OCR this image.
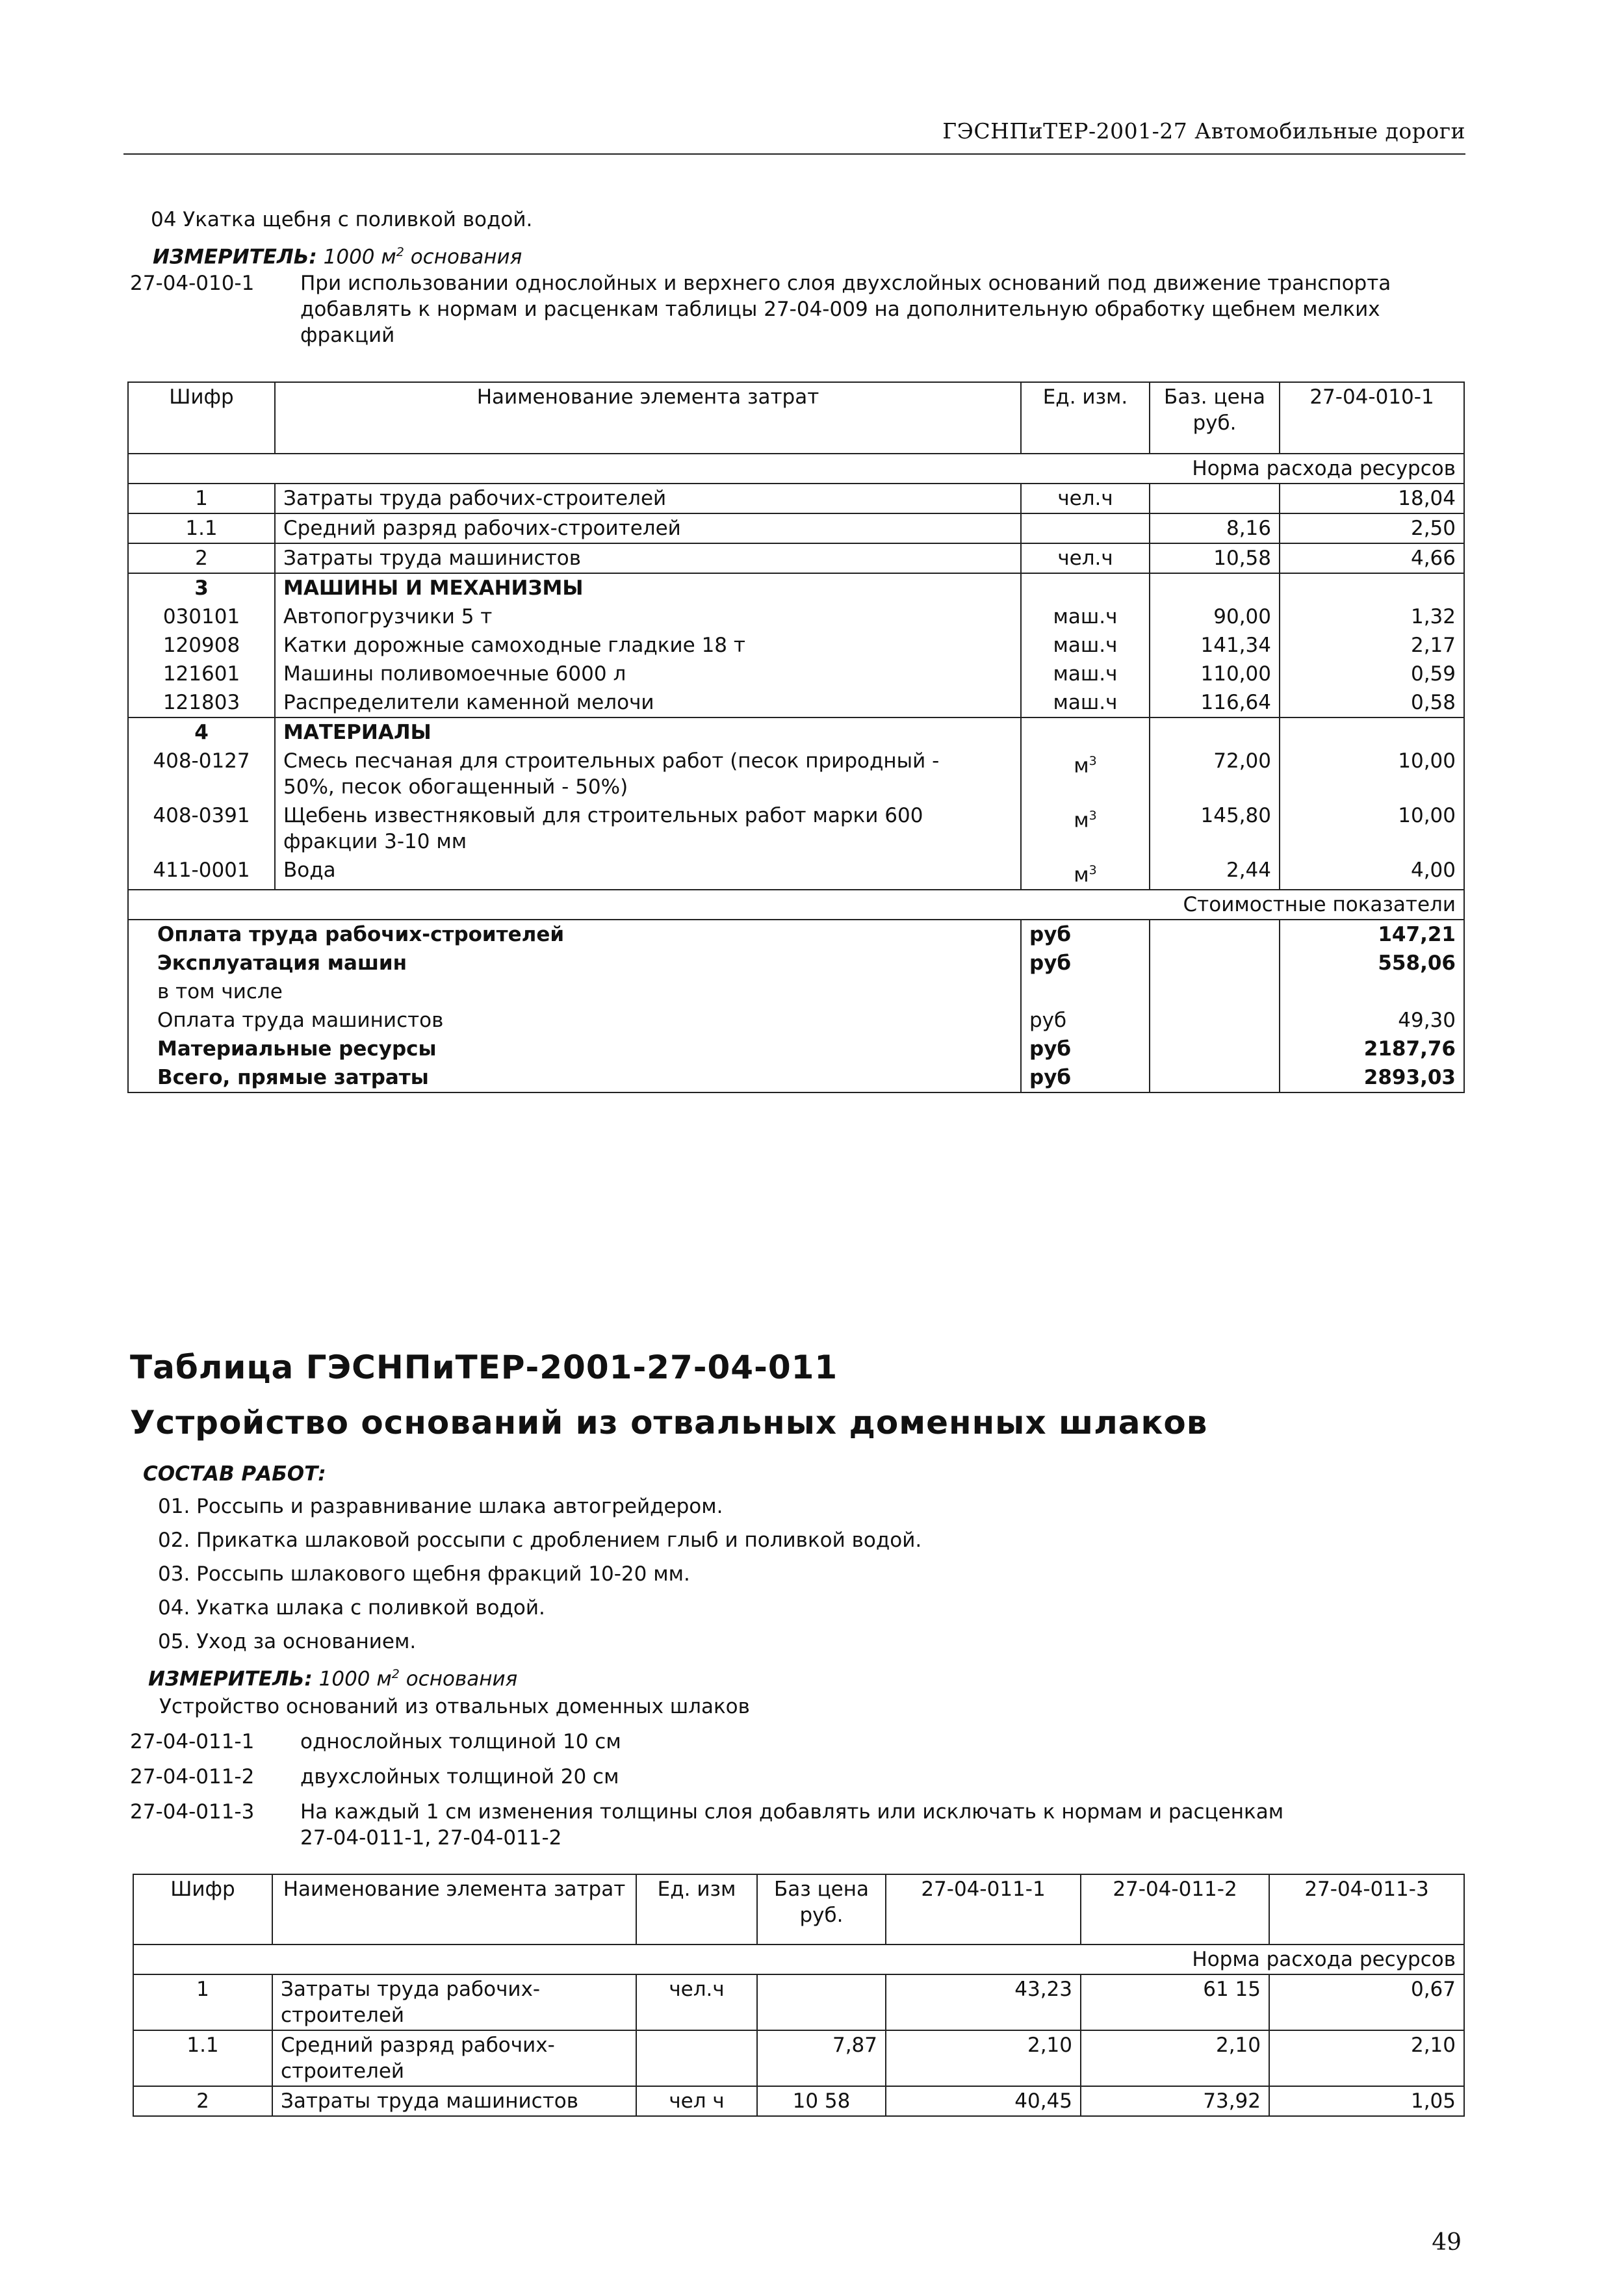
ГЭСНПиТЕР-2001-27 Автомобильные дороги
04 Укатка щебня с поливкой водой.
ИЗМЕРИТЕЛЬ: 1000 $м^2$ основания
27-04-010-1 При использовании однослойных и верхнего слоя двухслойных оснований под движение транспорта
добавлять к нормам и расценкам таблицы 27-04-009 на дополнительную обработку щебнем мелких
фракций
Шифр	Наименование элемента затрат	Ед. изм.	Баз. цена
руб.	27-04-010-1
			Норма расхода ресурсов	
1	Затраты труда рабочих-строителей	чел.ч		18,04
1.1	Средний разряд рабочих-строителей		8,16	2,50
2	Затраты труда машинистов	чел.ч	10,58	4,66
3	МАШИНЫ И МЕХАНИЗМЫ			
030101	Автопогрузчики 5 т	маш.ч	90,00	1,32
120908	Катки дорожные самоходные гладкие 18 т	маш.ч	141,34	2,17
121601	Машины поливомоечные 6000 л	маш.ч	110,00	0,59
121803	Распределители каменной мелочи	маш.ч	116,64	0,58
4	МАТЕРИАЛЫ			
408-0127	Смесь песчаная для строительных работ (песок природный -
50%, песок обогащенный - 50%)	$м^3$	72,00	10,00
408-0391	Щебень известняковый для строительных работ марки 600
фракции 3-10 мм	$м^3$	145,80	10,00
411-0001	Вода	$м^3$	2,44	4,00
			Стоимостные показатели	
Оплата труда рабочих-строителей		руб		147,21
Эксплуатация машин		руб		558,06
в том числе				
Оплата труда машинистов		руб		49,30
Материальные ресурсы		руб		2187,76
Всего, прямые затраты		руб		2893,03
Таблица ГЭСНПиТЕР-2001-27-04-011
Устройство оснований из отвальных доменных шлаков
СОСТАВ РАБОТ:
01. Россыпь и разравнивание шлака автогрейдером.
02. Прикатка шлаковой россыпи с дроблением глыб и поливкой водой.
03. Россыпь шлакового щебня фракций 10-20 мм.
04. Укатка шлака с поливкой водой.
05. Уход за основанием.
ИЗМЕРИТЕЛЬ: 1000 $м^2$ основания
Устройство оснований из отвальных доменных шлаков
27-04-011-1 однослойных толщиной 10 см
27-04-011-2 двухслойных толщиной 20 см
27-04-011-3 На каждый 1 см изменения толщины слоя добавлять или исключать к нормам и расценкам
27-04-011-1, 27-04-011-2
Шифр	Наименование элемента затрат	Ед. изм	Баз цена
руб.	27-04-011-1	27-04-011-2	27-04-011-3
					Норма расхода ресурсов	
1	Затраты труда рабочих-
строителей	чел.ч		43,23	61 15	0,67
1.1	Средний разряд рабочих-
строителей		7,87	2,10	2,10	2,10
2	Затраты труда машинистов	чел ч	10 58	40,45	73,92	1,05
49
